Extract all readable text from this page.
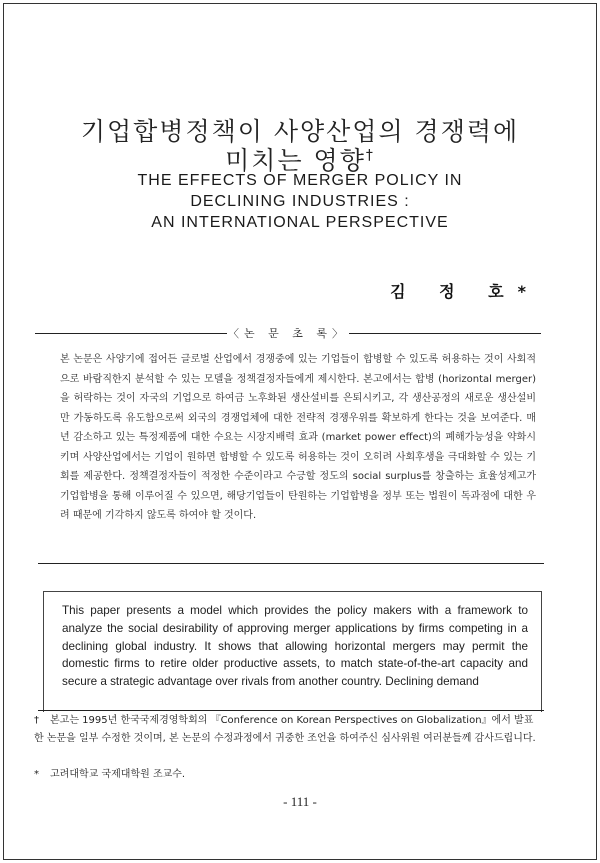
기업합병정책이 사양산업의 경쟁력에
미치는 영향†
THE EFFECTS OF MERGER POLICY IN
DECLINING INDUSTRIES :
AN INTERNATIONAL PERSPECTIVE
김 정 호*
〈논 문 초 록〉

본 논문은 사양기에 접어든 글로벌 산업에서 경쟁중에 있는 기업들이 합병할 수 있도록 허용하는 것이 사회적으로 바람직한지 분석할 수 있는 모델을 정책결정자들에게 제시한다. 본고에서는 합병 (horizontal merger)을 허락하는 것이 자국의 기업으로 하여금 노후화된 생산설비를 은퇴시키고, 각 생산공정의 새로운 생산설비만 가동하도록 유도함으로써 외국의 경쟁업체에 대한 전략적 경쟁우위를 확보하게 한다는 것을 보여준다. 매년 감소하고 있는 특정제품에 대한 수요는 시장지배력 효과 (market power effect)의 폐해가능성을 약화시키며 사양산업에서는 기업이 원하면 합병할 수 있도록 허용하는 것이 오히려 사회후생을 극대화할 수 있는 기회를 제공한다. 정책결정자들이 적정한 수준이라고 수긍할 정도의 social surplus를 창출하는 효율성제고가 기업합병을 통해 이루어질 수 있으면, 해당기업들이 탄원하는 기업합병을 정부 또는 법원이 독과점에 대한 우려 때문에 기각하지 않도록 하여야 할 것이다.

This paper presents a model which provides the policy makers with a framework to analyze the social desirability of approving merger applications by firms competing in a declining global industry. It shows that allowing horizontal mergers may permit the domestic firms to retire older productive assets, to match state-of-the-art capacity and secure a strategic advantage over rivals from another country. Declining demand

† 본고는 1995년 한국국제경영학회의 『Conference on Korean Perspectives on Globalization』에서 발표한 논문을 일부 수정한 것이며, 본 논문의 수정과정에서 귀중한 조언을 하여주신 심사위원 여러분들께 감사드립니다.
* 고려대학교 국제대학원 조교수.
- 111 -
